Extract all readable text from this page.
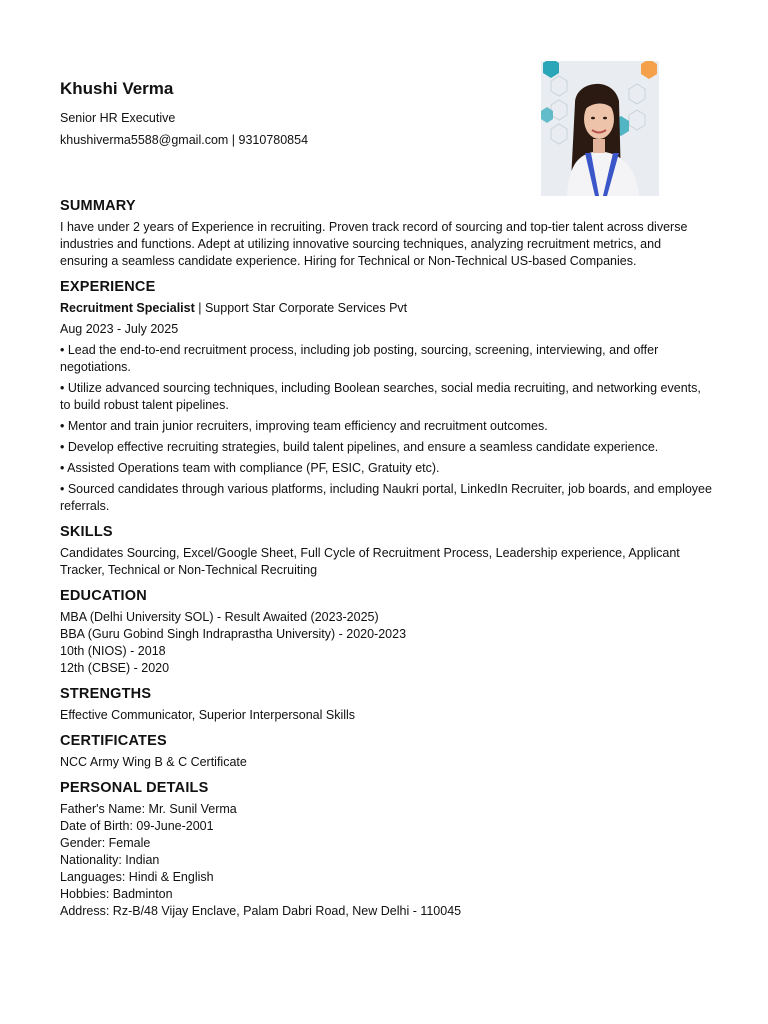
Khushi Verma
Senior HR Executive
khushiverma5588@gmail.com | 9310780854
SUMMARY

I have under 2 years of Experience in recruiting. Proven track record of sourcing and top-tier talent across diverse industries and functions. Adept at utilizing innovative sourcing techniques, analyzing recruitment metrics, and ensuring a seamless candidate experience. Hiring for Technical or Non-Technical US-based Companies.

EXPERIENCE
Recruitment Specialist | Support Star Corporate Services Pvt
Aug 2023 - July 2025
• Lead the end-to-end recruitment process, including job posting, sourcing, screening, interviewing, and offer negotiations.
• Utilize advanced sourcing techniques, including Boolean searches, social media recruiting, and networking events, to build robust talent pipelines.
• Mentor and train junior recruiters, improving team efficiency and recruitment outcomes.
• Develop effective recruiting strategies, build talent pipelines, and ensure a seamless candidate experience.
• Assisted Operations team with compliance (PF, ESIC, Gratuity etc).
• Sourced candidates through various platforms, including Naukri portal, LinkedIn Recruiter, job boards, and employee referrals.
SKILLS

Candidates Sourcing, Excel/Google Sheet, Full Cycle of Recruitment Process, Leadership experience, Applicant Tracker, Technical or Non-Technical Recruiting

EDUCATION
MBA (Delhi University SOL) - Result Awaited (2023-2025)
BBA (Guru Gobind Singh Indraprastha University) - 2020-2023
10th (NIOS) - 2018
12th (CBSE) - 2020
STRENGTHS

Effective Communicator, Superior Interpersonal Skills

CERTIFICATES

NCC Army Wing B & C Certificate

PERSONAL DETAILS
Father's Name: Mr. Sunil Verma
Date of Birth: 09-June-2001
Gender: Female
Nationality: Indian
Languages: Hindi & English
Hobbies: Badminton
Address: Rz-B/48 Vijay Enclave, Palam Dabri Road, New Delhi - 110045
